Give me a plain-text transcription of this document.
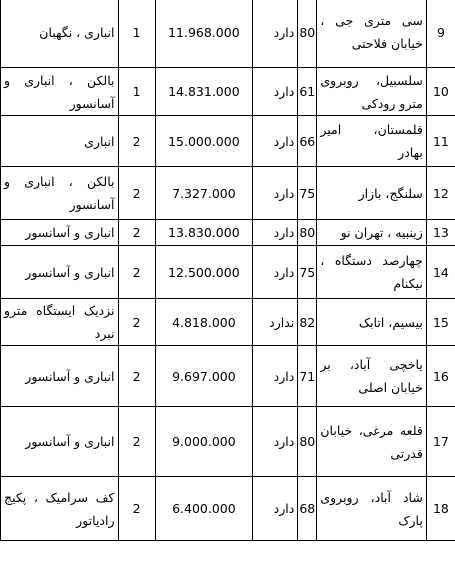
انباری ، نگهبان	1	11.968.000	دارد	80	سی متری جی ، خیابان فلاحتی	9
بالکن ، انباری و آسانسور	1	14.831.000	دارد	61	سلسبیل، روبروی مترو رودکی	10
انباری	2	15.000.000	دارد	66	قلمستان، امیر بهادر	11
بالکن ، انباری و آسانسور	2	7.327.000	دارد	75	سلنگج، بازار	12
انباری و آسانسور	2	13.830.000	دارد	80	زینبیه ، تهران نو	13
انباری و آسانسور	2	12.500.000	دارد	75	چهارصد دستگاه ، نیکنام	14
نزدیک ایستگاه مترو نبرد	2	4.818.000	ندارد	82	بیسیم، اتابک	15
انباری و آسانسور	2	9.697.000	دارد	71	یاخچی آباد، بر خیابان اصلی	16
انباری و آسانسور	2	9.000.000	دارد	80	قلعه مرغی، خیابان قدرتی	17
کف سرامیک ، پکیج رادیاتور	2	6.400.000	دارد	68	شاد آباد، روبروی پارک	18
